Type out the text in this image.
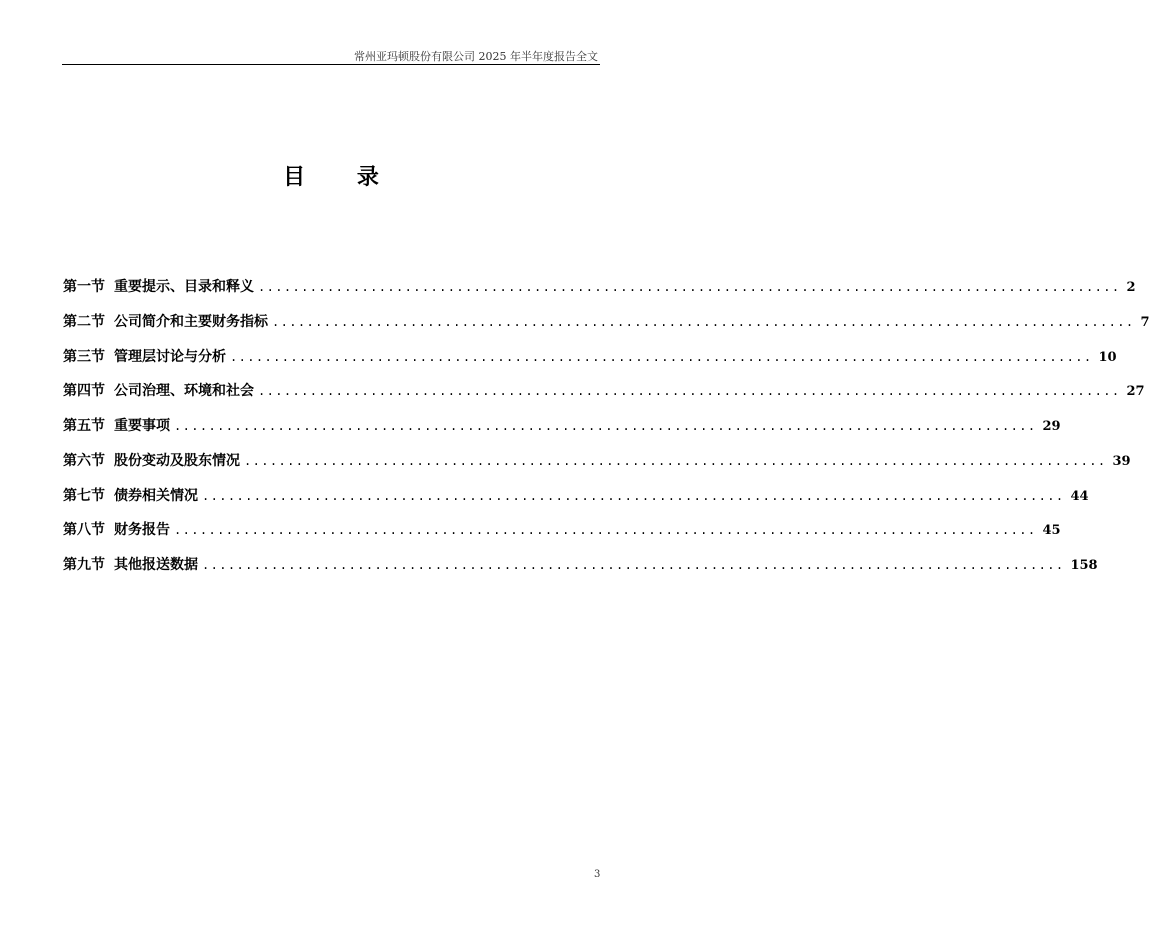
常州亚玛顿股份有限公司 2025 年半年度报告全文
目 录
第一节 重要提示、目录和释义 .................................................................................................... 2
第二节 公司简介和主要财务指标 .................................................................................................... 7
第三节 管理层讨论与分析 .................................................................................................... 10
第四节 公司治理、环境和社会 .................................................................................................... 27
第五节 重要事项 .................................................................................................... 29
第六节 股份变动及股东情况 .................................................................................................... 39
第七节 债券相关情况 .................................................................................................... 44
第八节 财务报告 .................................................................................................... 45
第九节 其他报送数据 .................................................................................................... 158
3
